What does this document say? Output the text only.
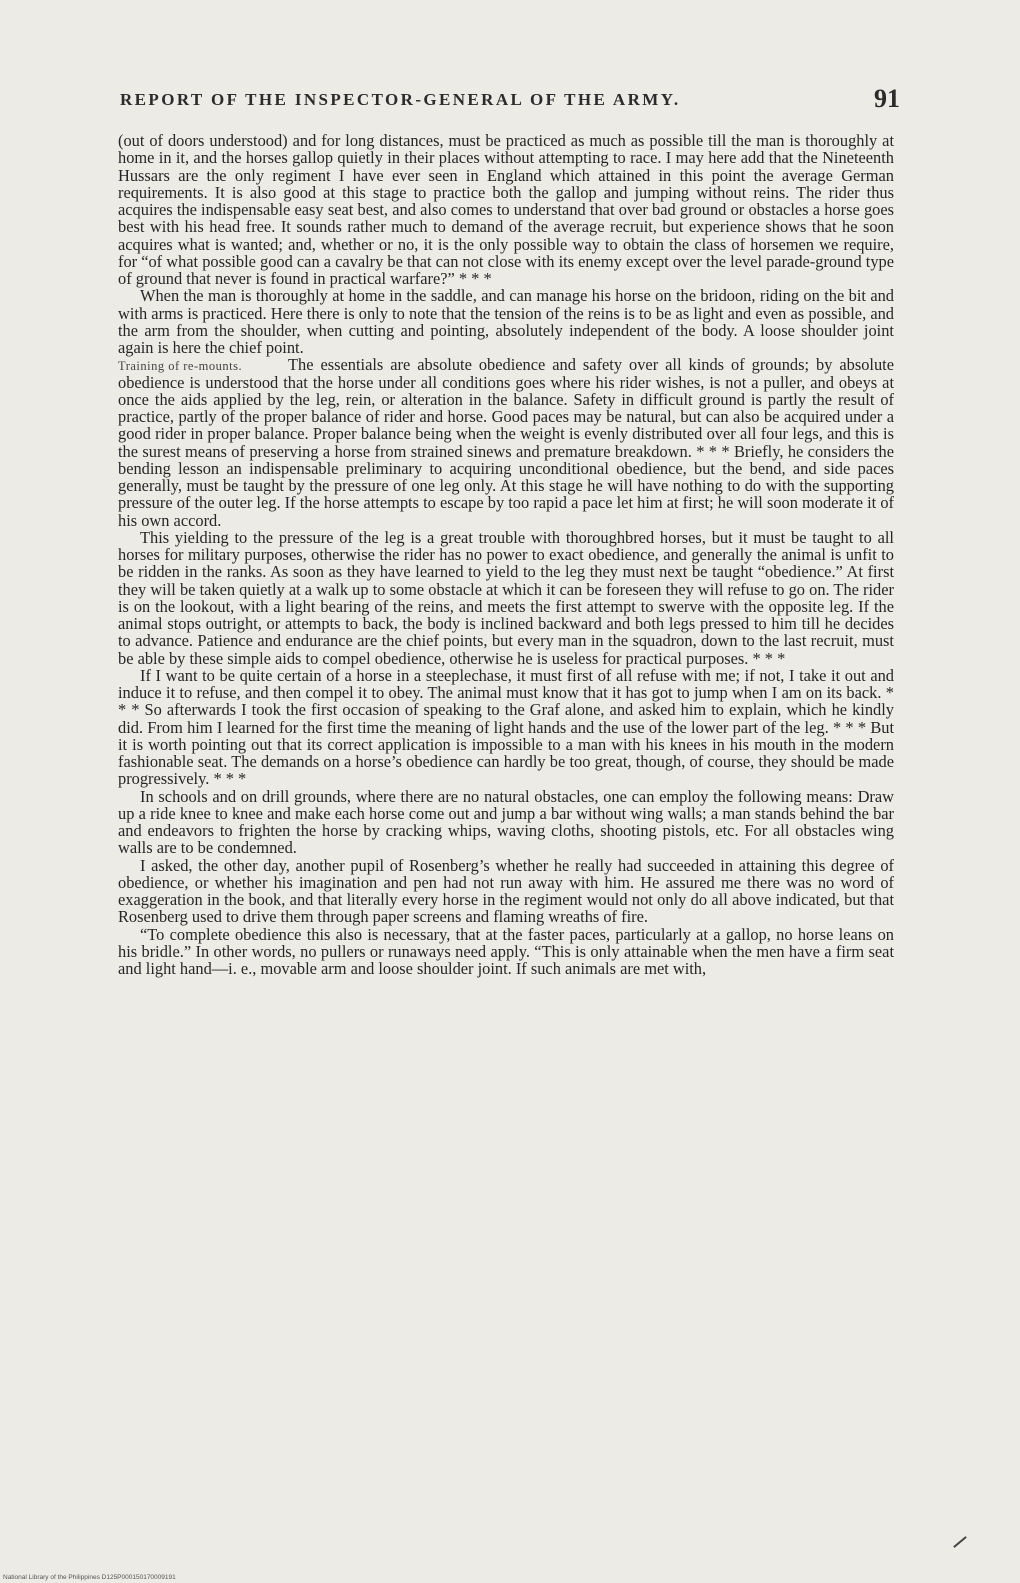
REPORT OF THE INSPECTOR-GENERAL OF THE ARMY.	91

(out of doors understood) and for long distances, must be practiced as much as possible till the man is thoroughly at home in it, and the horses gallop quietly in their places without attempting to race. I may here add that the Nineteenth Hussars are the only regiment I have ever seen in England which attained in this point the average German requirements. It is also good at this stage to practice both the gallop and jumping without reins. The rider thus acquires the indispensable easy seat best, and also comes to understand that over bad ground or obstacles a horse goes best with his head free. It sounds rather much to demand of the average recruit, but experience shows that he soon acquires what is wanted; and, whether or no, it is the only possible way to obtain the class of horsemen we require, for “of what possible good can a cavalry be that can not close with its enemy except over the level parade-ground type of ground that never is found in practical warfare?” * * *

When the man is thoroughly at home in the saddle, and can manage his horse on the bridoon, riding on the bit and with arms is practiced. Here there is only to note that the tension of the reins is to be as light and even as possible, and the arm from the shoulder, when cutting and pointing, absolutely independent of the body. A loose shoulder joint again is here the chief point.

Training of re-mounts.	The essentials are absolute obedience and safety over all kinds of grounds; by absolute obedience is understood that the horse under all conditions goes where his rider wishes, is not a puller, and obeys at once the aids applied by the leg, rein, or alteration in the balance. Safety in difficult ground is partly the result of practice, partly of the proper balance of rider and horse. Good paces may be natural, but can also be acquired under a good rider in proper balance. Proper balance being when the weight is evenly distributed over all four legs, and this is the surest means of preserving a horse from strained sinews and premature breakdown. * * * Briefly, he considers the bending lesson an indispensable preliminary to acquiring unconditional obedience, but the bend, and side paces generally, must be taught by the pressure of one leg only. At this stage he will have nothing to do with the supporting pressure of the outer leg. If the horse attempts to escape by too rapid a pace let him at first; he will soon moderate it of his own accord.

This yielding to the pressure of the leg is a great trouble with thoroughbred horses, but it must be taught to all horses for military purposes, otherwise the rider has no power to exact obedience, and generally the animal is unfit to be ridden in the ranks. As soon as they have learned to yield to the leg they must next be taught “obedience.” At first they will be taken quietly at a walk up to some obstacle at which it can be foreseen they will refuse to go on. The rider is on the lookout, with a light bearing of the reins, and meets the first attempt to swerve with the opposite leg. If the animal stops outright, or attempts to back, the body is inclined backward and both legs pressed to him till he decides to advance. Patience and endurance are the chief points, but every man in the squadron, down to the last recruit, must be able by these simple aids to compel obedience, otherwise he is useless for practical purposes. * * *

If I want to be quite certain of a horse in a steeplechase, it must first of all refuse with me; if not, I take it out and induce it to refuse, and then compel it to obey. The animal must know that it has got to jump when I am on its back. * * * So afterwards I took the first occasion of speaking to the Graf alone, and asked him to explain, which he kindly did. From him I learned for the first time the meaning of light hands and the use of the lower part of the leg. * * * But it is worth pointing out that its correct application is impossible to a man with his knees in his mouth in the modern fashionable seat. The demands on a horse’s obedience can hardly be too great, though, of course, they should be made progressively. * * *

In schools and on drill grounds, where there are no natural obstacles, one can employ the following means: Draw up a ride knee to knee and make each horse come out and jump a bar without wing walls; a man stands behind the bar and endeavors to frighten the horse by cracking whips, waving cloths, shooting pistols, etc. For all obstacles wing walls are to be condemned.

I asked, the other day, another pupil of Rosenberg’s whether he really had succeeded in attaining this degree of obedience, or whether his imagination and pen had not run away with him. He assured me there was no word of exaggeration in the book, and that literally every horse in the regiment would not only do all above indicated, but that Rosenberg used to drive them through paper screens and flaming wreaths of fire.

“To complete obedience this also is necessary, that at the faster paces, particularly at a gallop, no horse leans on his bridle.” In other words, no pullers or runaways need apply. “This is only attainable when the men have a firm seat and light hand—i. e., movable arm and loose shoulder joint. If such animals are met with,

National Library of the Philippines D125P000150170009191
